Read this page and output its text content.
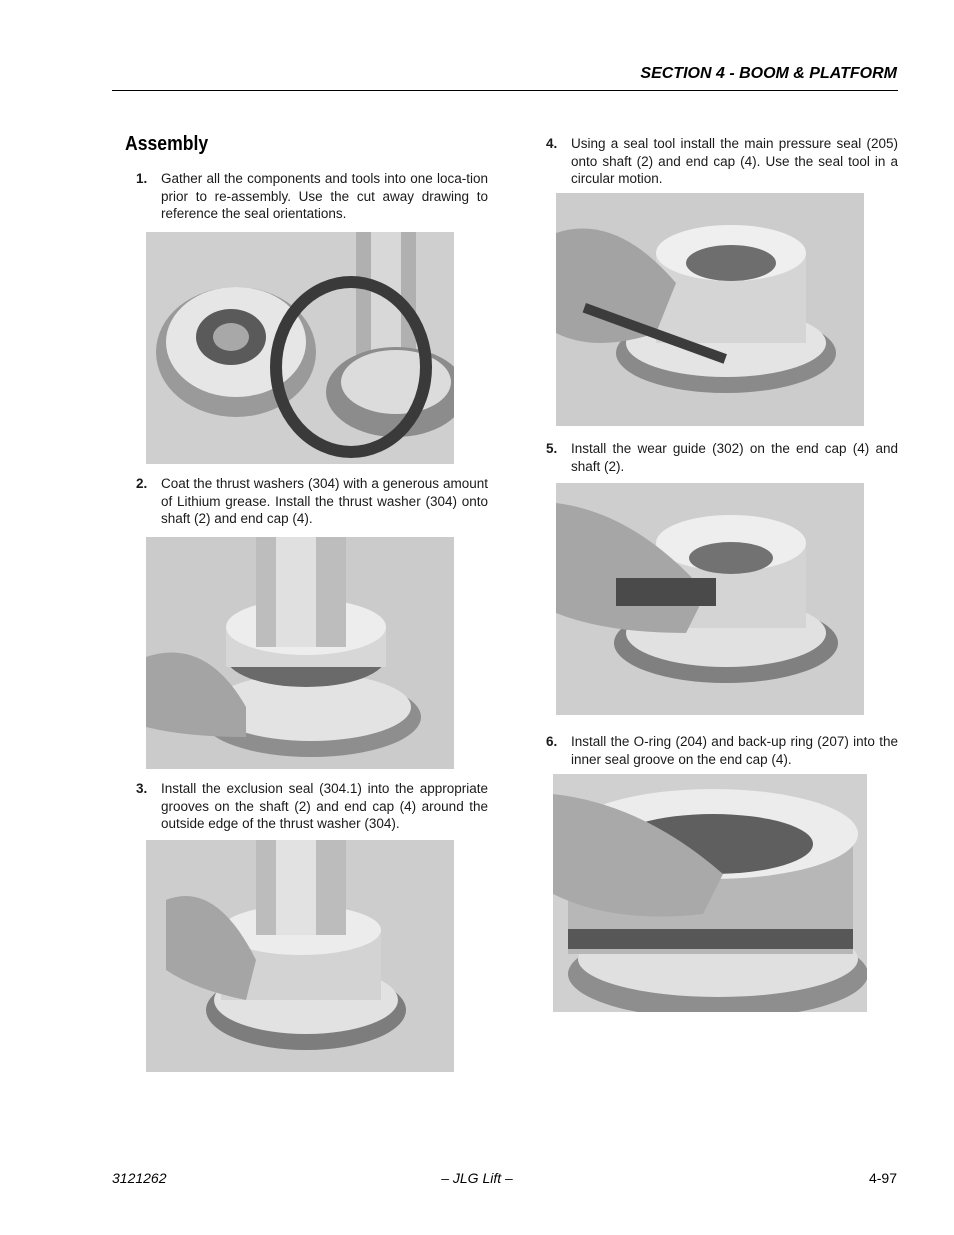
SECTION 4 - BOOM & PLATFORM
Assembly
1. Gather all the components and tools into one loca-tion prior to re-assembly. Use the cut away drawing to reference the seal orientations.
2. Coat the thrust washers (304) with a generous amount of Lithium grease. Install the thrust washer (304) onto shaft (2) and end cap (4).
3. Install the exclusion seal (304.1) into the appropriate grooves on the shaft (2) and end cap (4) around the outside edge of the thrust washer (304).
4. Using a seal tool install the main pressure seal (205) onto shaft (2) and end cap (4). Use the seal tool in a circular motion.
5. Install the wear guide (302) on the end cap (4) and shaft (2).
6. Install the O-ring (204) and back-up ring (207) into the inner seal groove on the end cap (4).
3121262	– JLG Lift –	4-97
